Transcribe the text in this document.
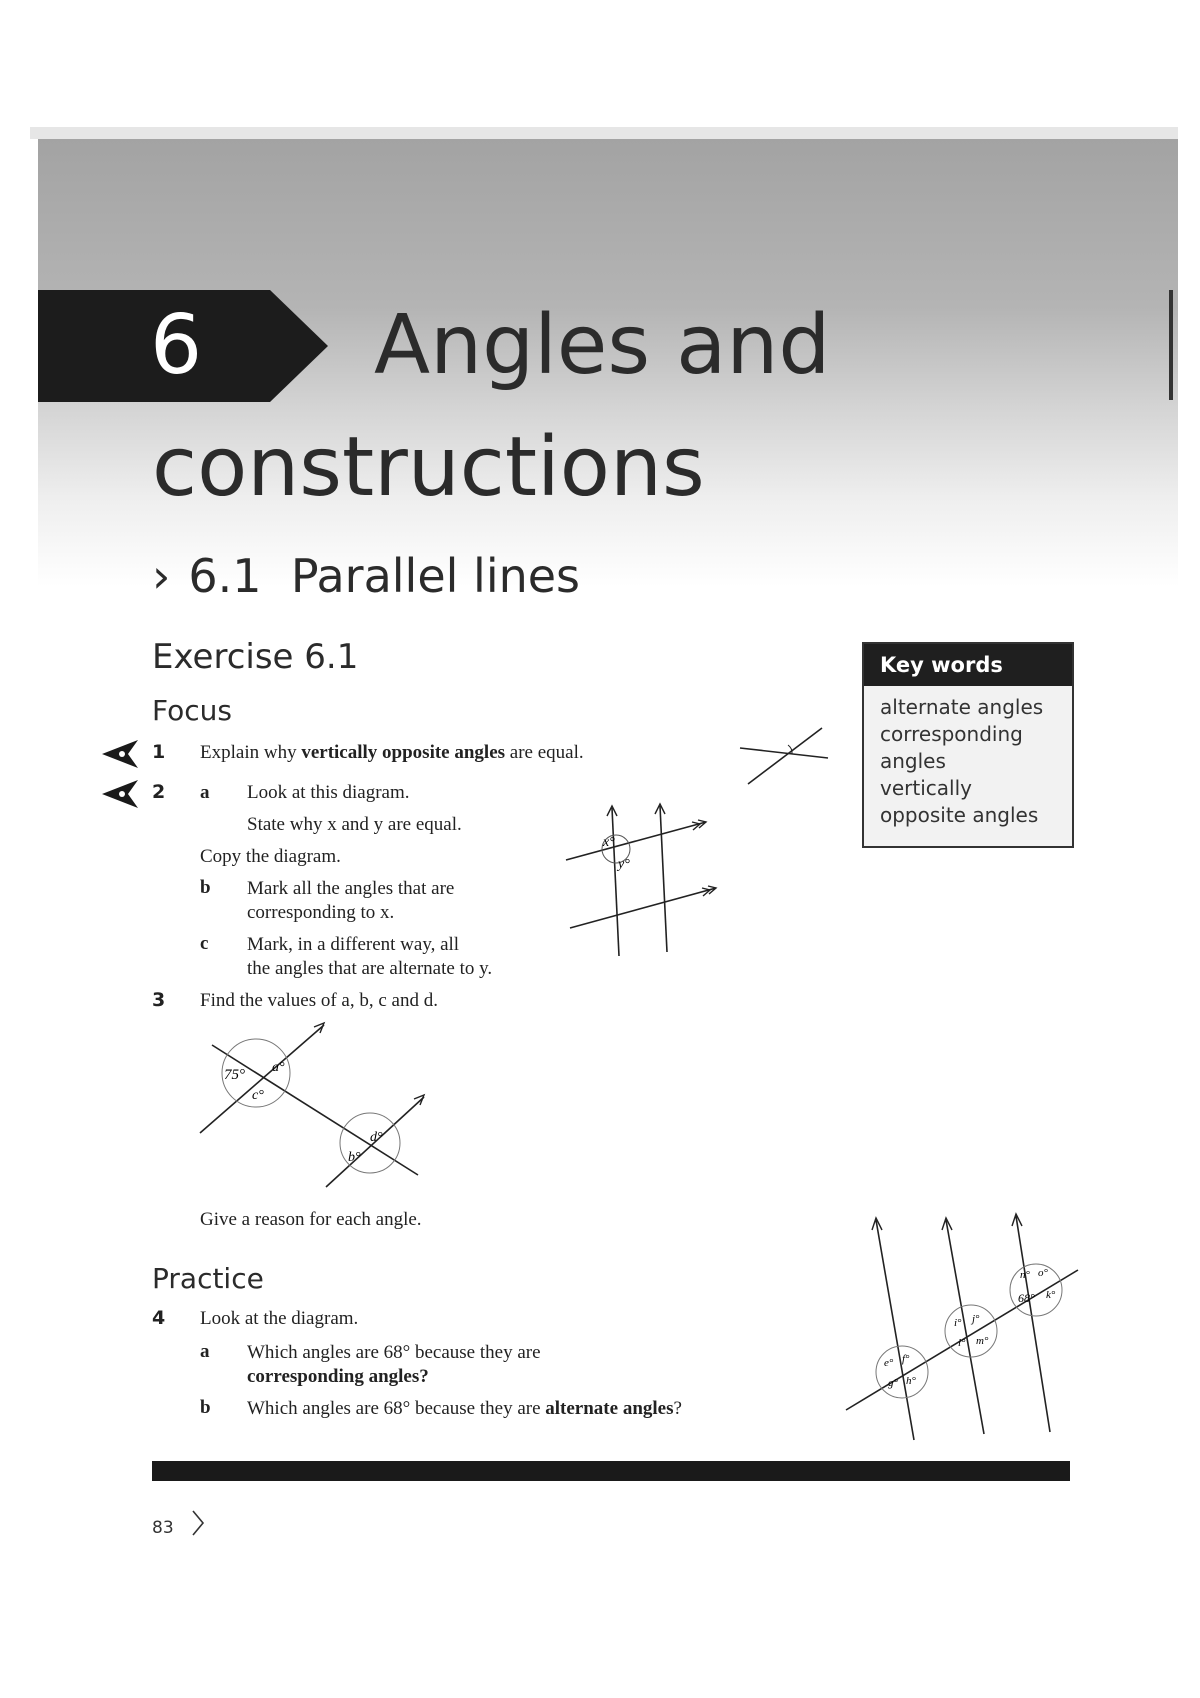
6 Angles and
constructions
› 6.1 Parallel lines
Exercise 6.1
Focus
Key words
alternate angles
corresponding
angles
vertically
opposite angles
1 Explain why vertically opposite angles are equal.
2 a Look at this diagram.
State why x and y are equal.
Copy the diagram.
b Mark all the angles that are
corresponding to x.
c Mark, in a different way, all
the angles that are alternate to y.
3 Find the values of a, b, c and d.
Give a reason for each angle.
Practice
4 Look at the diagram.
a Which angles are 68° because they are
corresponding angles?
b Which angles are 68° because they are alternate angles?
x°
y°
75° a°
c°
d°
b°
e° f°
g° h°
i° j°
l° m°
n° o°
68° k°
83
